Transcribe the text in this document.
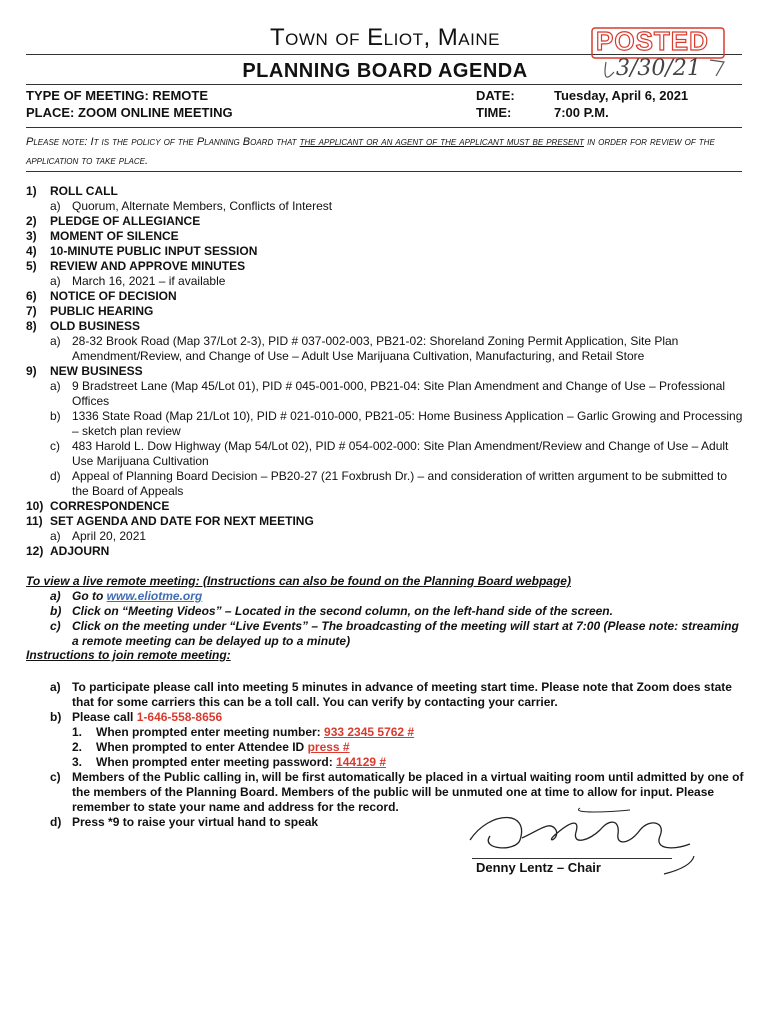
Town of Eliot, Maine
PLANNING BOARD AGENDA
POSTED
3/30/21
TYPE OF MEETING: REMOTE
PLACE: ZOOM ONLINE MEETING
DATE:	Tuesday, April 6, 2021
TIME:	7:00 P.M.
Please note: It is the policy of the Planning Board that the applicant or an agent of the applicant must be present in order for review of the application to take place.
1) ROLL CALL
a) Quorum, Alternate Members, Conflicts of Interest
2) PLEDGE OF ALLEGIANCE
3) MOMENT OF SILENCE
4) 10-MINUTE PUBLIC INPUT SESSION
5) REVIEW AND APPROVE MINUTES
a) March 16, 2021 – if available
6) NOTICE OF DECISION
7) PUBLIC HEARING
8) OLD BUSINESS
a) 28-32 Brook Road (Map 37/Lot 2-3), PID # 037-002-003, PB21-02: Shoreland Zoning Permit Application, Site Plan Amendment/Review, and Change of Use – Adult Use Marijuana Cultivation, Manufacturing, and Retail Store
9) NEW BUSINESS
a) 9 Bradstreet Lane (Map 45/Lot 01), PID # 045-001-000, PB21-04: Site Plan Amendment and Change of Use – Professional Offices
b) 1336 State Road (Map 21/Lot 10), PID # 021-010-000, PB21-05: Home Business Application – Garlic Growing and Processing – sketch plan review
c) 483 Harold L. Dow Highway (Map 54/Lot 02), PID # 054-002-000: Site Plan Amendment/Review and Change of Use – Adult Use Marijuana Cultivation
d) Appeal of Planning Board Decision – PB20-27 (21 Foxbrush Dr.) – and consideration of written argument to be submitted to the Board of Appeals
10) CORRESPONDENCE
11) SET AGENDA AND DATE FOR NEXT MEETING
a) April 20, 2021
12) ADJOURN
To view a live remote meeting: (Instructions can also be found on the Planning Board webpage)
a) Go to www.eliotme.org
b) Click on “Meeting Videos” – Located in the second column, on the left-hand side of the screen.
c) Click on the meeting under “Live Events” – The broadcasting of the meeting will start at 7:00 (Please note: streaming a remote meeting can be delayed up to a minute)
Instructions to join remote meeting:
a) To participate please call into meeting 5 minutes in advance of meeting start time. Please note that Zoom does state that for some carriers this can be a toll call. You can verify by contacting your carrier.
b) Please call 1-646-558-8656
1. When prompted enter meeting number: 933 2345 5762 #
2. When prompted to enter Attendee ID press #
3. When prompted enter meeting password: 144129 #
c) Members of the Public calling in, will be first automatically be placed in a virtual waiting room until admitted by one of the members of the Planning Board. Members of the public will be unmuted one at time to allow for input. Please remember to state your name and address for the record.
d) Press *9 to raise your virtual hand to speak
Denny Lentz – Chair
